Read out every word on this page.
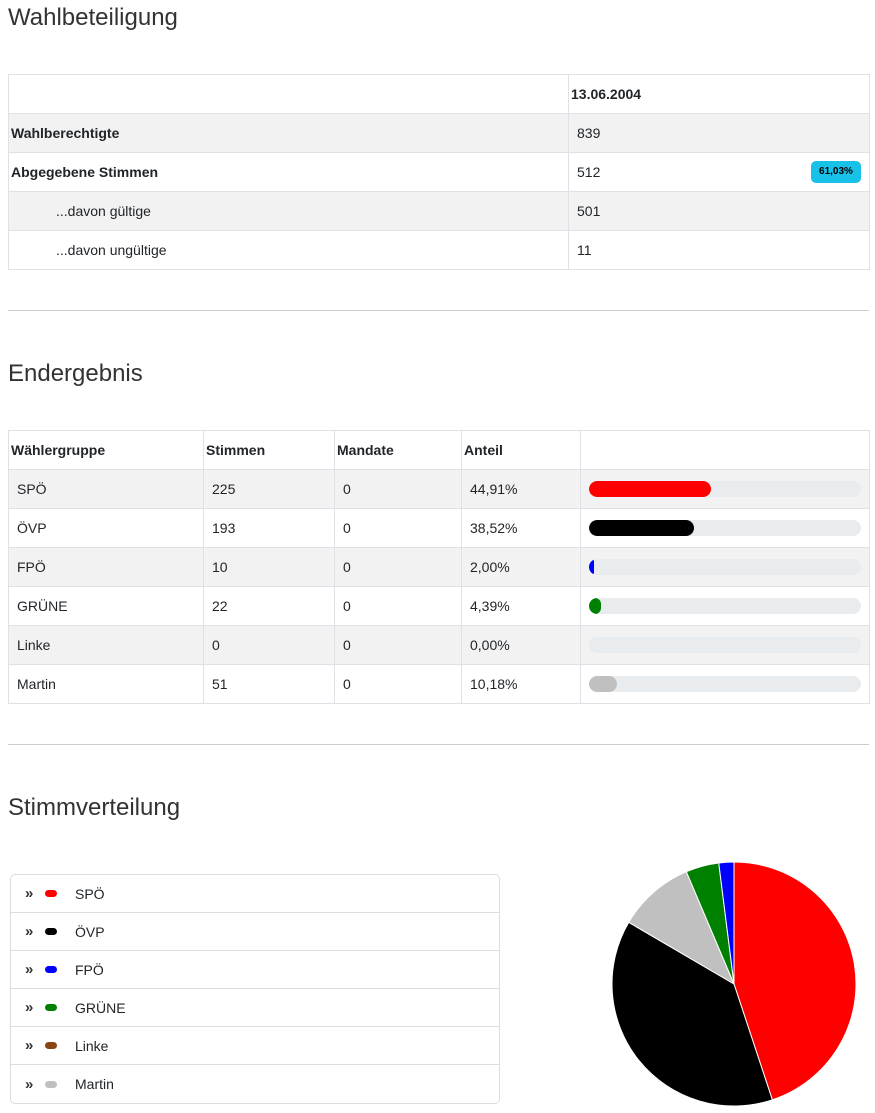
Wahlbeteiligung
	13.06.2004
Wahlberechtigte	839
Abgegebene Stimmen	512 61,03%

...davon gültige	501
...davon ungültige	11
Endergebnis
Wählergruppe	Stimmen	Mandate	Anteil	
SPÖ	225	0	44,91%	

ÖVP	193	0	38,52%	

FPÖ	10	0	2,00%	

GRÜNE	22	0	4,39%	

Linke	0	0	0,00%	

Martin	51	0	10,18%	
Stimmverteilung
»	SPÖ
»	ÖVP
»	FPÖ
»	GRÜNE
»	Linke
»	Martin
